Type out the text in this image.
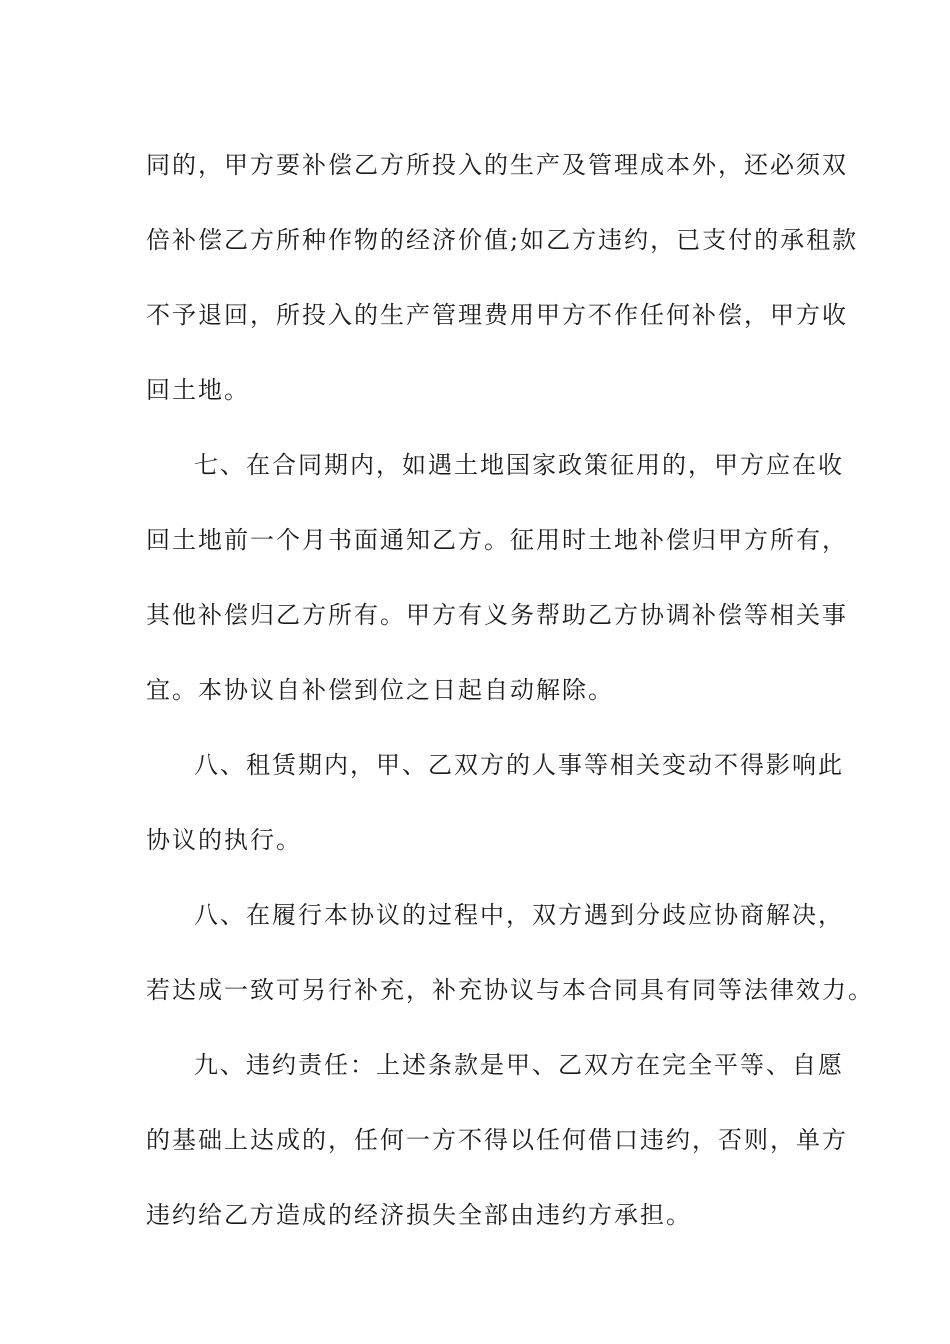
同的，甲方要补偿乙方所投入的生产及管理成本外，还必须双
倍补偿乙方所种作物的经济价值;如乙方违约，已支付的承租款
不予退回，所投入的生产管理费用甲方不作任何补偿，甲方收
回土地。
七、在合同期内，如遇土地国家政策征用的，甲方应在收
回土地前一个月书面通知乙方。征用时土地补偿归甲方所有，
其他补偿归乙方所有。甲方有义务帮助乙方协调补偿等相关事
宜。本协议自补偿到位之日起自动解除。
八、租赁期内，甲、乙双方的人事等相关变动不得影响此
协议的执行。
八、在履行本协议的过程中，双方遇到分歧应协商解决，
若达成一致可另行补充，补充协议与本合同具有同等法律效力。
九、违约责任：上述条款是甲、乙双方在完全平等、自愿
的基础上达成的，任何一方不得以任何借口违约，否则，单方
违约给乙方造成的经济损失全部由违约方承担。
